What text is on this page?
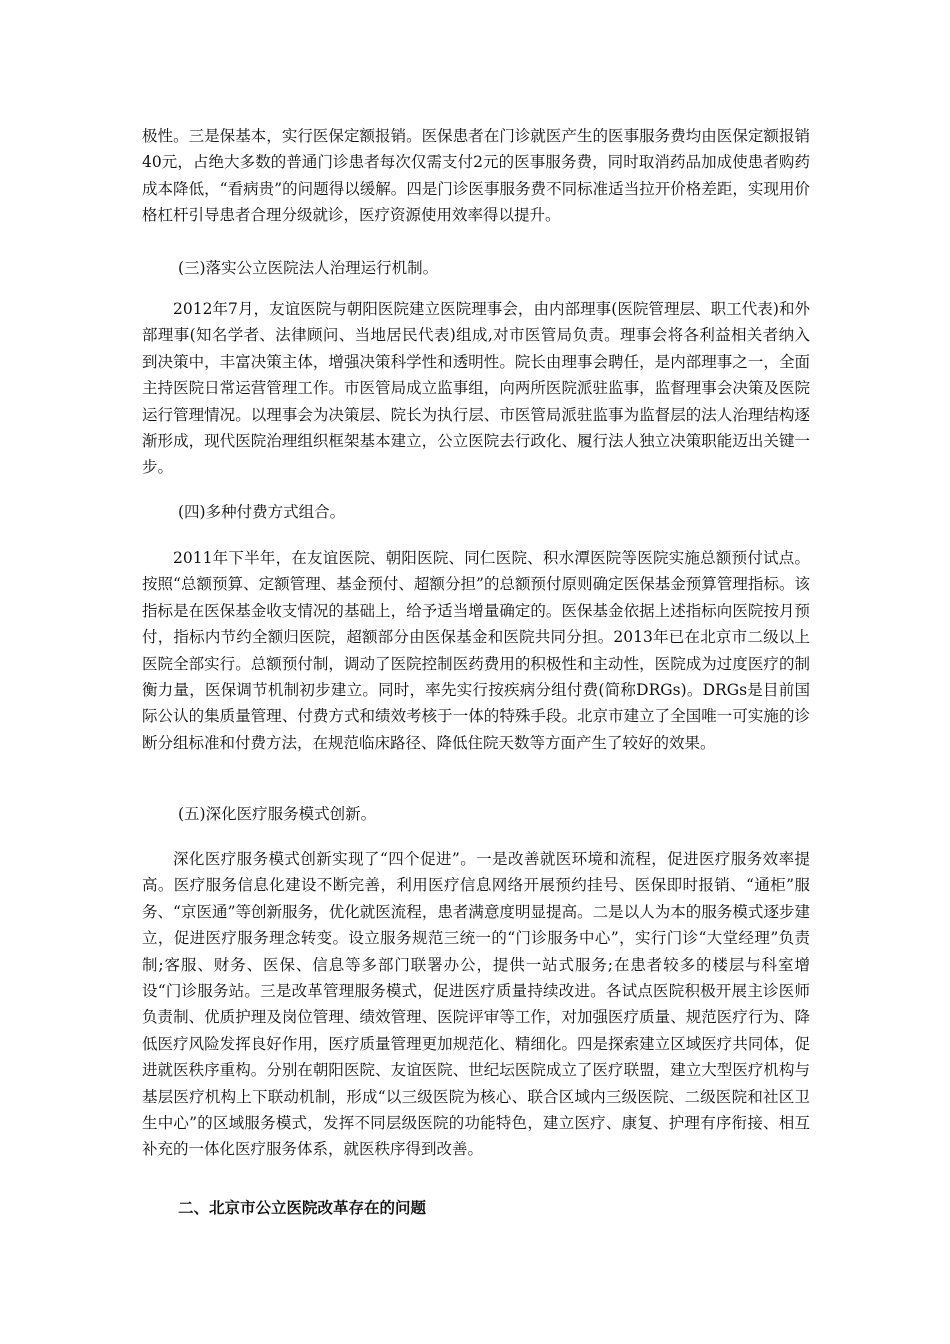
极性。三是保基本，实行医保定额报销。医保患者在门诊就医产生的医事服务费均由医保定额报销40元，占绝大多数的普通门诊患者每次仅需支付2元的医事服务费，同时取消药品加成使患者购药成本降低，“看病贵”的问题得以缓解。四是门诊医事服务费不同标准适当拉开价格差距，实现用价格杠杆引导患者合理分级就诊，医疗资源使用效率得以提升。

(三)落实公立医院法人治理运行机制。

2012年7月，友谊医院与朝阳医院建立医院理事会，由内部理事(医院管理层、职工代表)和外部理事(知名学者、法律顾问、当地居民代表)组成,对市医管局负责。理事会将各利益相关者纳入到决策中，丰富决策主体，增强决策科学性和透明性。院长由理事会聘任，是内部理事之一，全面主持医院日常运营管理工作。市医管局成立监事组，向两所医院派驻监事，监督理事会决策及医院运行管理情况。以理事会为决策层、院长为执行层、市医管局派驻监事为监督层的法人治理结构逐渐形成，现代医院治理组织框架基本建立，公立医院去行政化、履行法人独立决策职能迈出关键一步。

(四)多种付费方式组合。

2011年下半年，在友谊医院、朝阳医院、同仁医院、积水潭医院等医院实施总额预付试点。按照“总额预算、定额管理、基金预付、超额分担”的总额预付原则确定医保基金预算管理指标。该指标是在医保基金收支情况的基础上，给予适当增量确定的。医保基金依据上述指标向医院按月预付，指标内节约全额归医院，超额部分由医保基金和医院共同分担。2013年已在北京市二级以上医院全部实行。总额预付制，调动了医院控制医药费用的积极性和主动性，医院成为过度医疗的制衡力量，医保调节机制初步建立。同时，率先实行按疾病分组付费(简称DRGs)。DRGs是目前国际公认的集质量管理、付费方式和绩效考核于一体的特殊手段。北京市建立了全国唯一可实施的诊断分组标准和付费方法，在规范临床路径、降低住院天数等方面产生了较好的效果。

(五)深化医疗服务模式创新。

深化医疗服务模式创新实现了“四个促进”。一是改善就医环境和流程，促进医疗服务效率提高。医疗服务信息化建设不断完善，利用医疗信息网络开展预约挂号、医保即时报销、“通柜”服务、“京医通”等创新服务，优化就医流程，患者满意度明显提高。二是以人为本的服务模式逐步建立，促进医疗服务理念转变。设立服务规范三统一的“门诊服务中心”，实行门诊“大堂经理”负责制;客服、财务、医保、信息等多部门联署办公，提供一站式服务;在患者较多的楼层与科室增设“门诊服务站。三是改革管理服务模式，促进医疗质量持续改进。各试点医院积极开展主诊医师负责制、优质护理及岗位管理、绩效管理、医院评审等工作，对加强医疗质量、规范医疗行为、降低医疗风险发挥良好作用，医疗质量管理更加规范化、精细化。四是探索建立区域医疗共同体，促进就医秩序重构。分别在朝阳医院、友谊医院、世纪坛医院成立了医疗联盟，建立大型医疗机构与基层医疗机构上下联动机制，形成“以三级医院为核心、联合区域内三级医院、二级医院和社区卫生中心”的区域服务模式，发挥不同层级医院的功能特色，建立医疗、康复、护理有序衔接、相互补充的一体化医疗服务体系，就医秩序得到改善。

二、北京市公立医院改革存在的问题
